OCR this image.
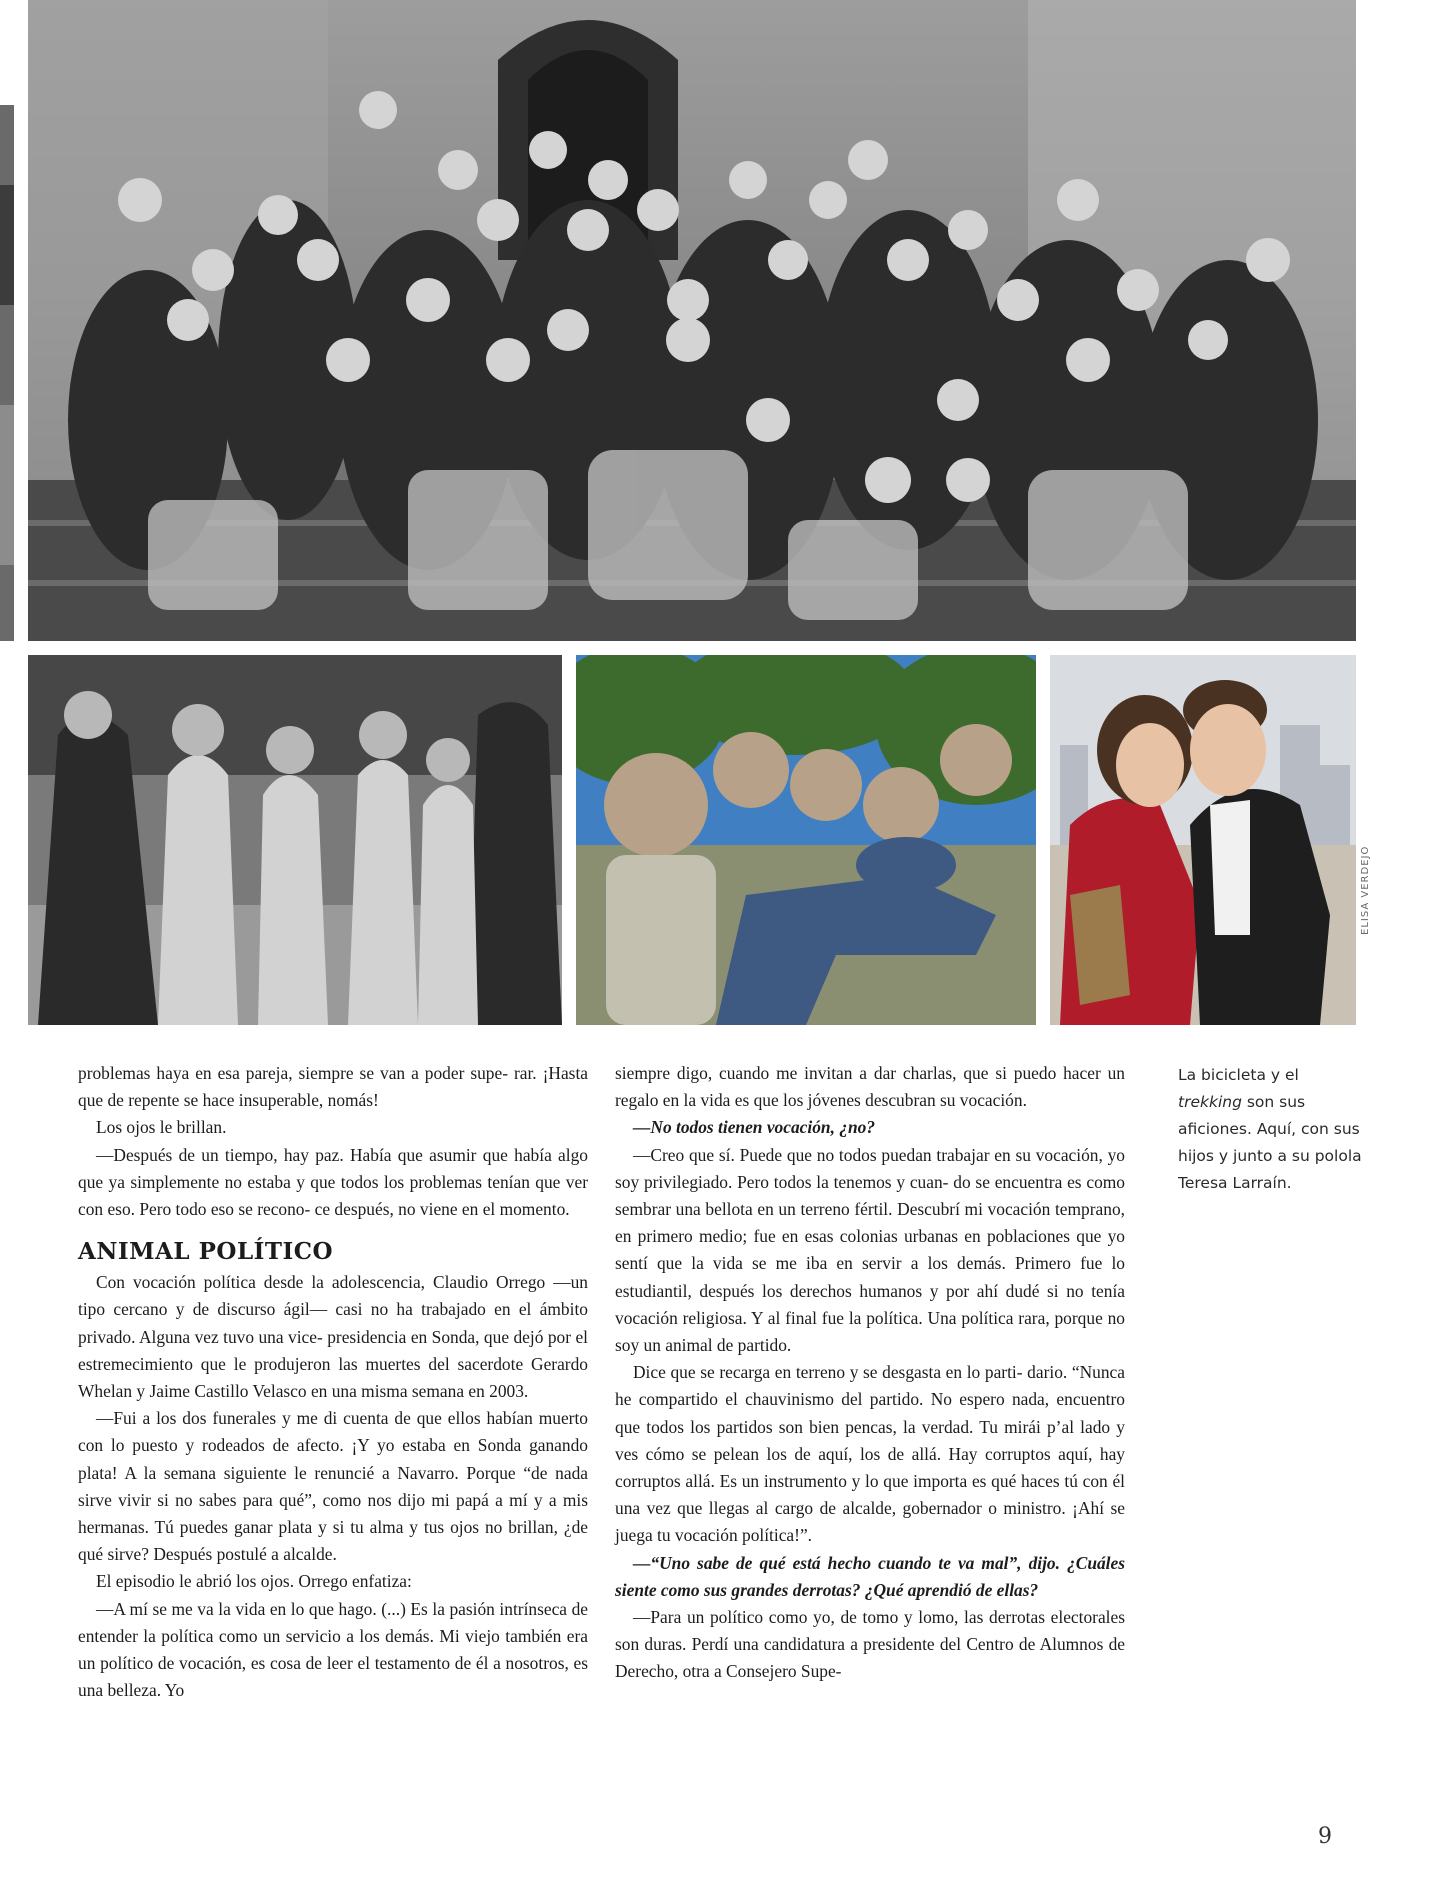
ELISA VERDEJO

problemas haya en esa pareja, siempre se van a poder supe- rar. ¡Hasta que de repente se hace insuperable, nomás!

Los ojos le brillan.

—Después de un tiempo, hay paz. Había que asumir que había algo que ya simplemente no estaba y que todos los problemas tenían que ver con eso. Pero todo eso se recono- ce después, no viene en el momento.

ANIMAL POLÍTICO

Con vocación política desde la adolescencia, Claudio Orrego —un tipo cercano y de discurso ágil— casi no ha trabajado en el ámbito privado. Alguna vez tuvo una vice- presidencia en Sonda, que dejó por el estremecimiento que le produjeron las muertes del sacerdote Gerardo Whelan y Jaime Castillo Velasco en una misma semana en 2003.

—Fui a los dos funerales y me di cuenta de que ellos habían muerto con lo puesto y rodeados de afecto. ¡Y yo estaba en Sonda ganando plata! A la semana siguiente le renuncié a Navarro. Porque “de nada sirve vivir si no sabes para qué”, como nos dijo mi papá a mí y a mis hermanas. Tú puedes ganar plata y si tu alma y tus ojos no brillan, ¿de qué sirve? Después postulé a alcalde.

El episodio le abrió los ojos. Orrego enfatiza:

—A mí se me va la vida en lo que hago. (...) Es la pasión intrínseca de entender la política como un servicio a los demás. Mi viejo también era un político de vocación, es cosa de leer el testamento de él a nosotros, es una belleza. Yo

siempre digo, cuando me invitan a dar charlas, que si puedo hacer un regalo en la vida es que los jóvenes descubran su vocación.

—No todos tienen vocación, ¿no?

—Creo que sí. Puede que no todos puedan trabajar en su vocación, yo soy privilegiado. Pero todos la tenemos y cuan- do se encuentra es como sembrar una bellota en un terreno fértil. Descubrí mi vocación temprano, en primero medio; fue en esas colonias urbanas en poblaciones que yo sentí que la vida se me iba en servir a los demás. Primero fue lo estudiantil, después los derechos humanos y por ahí dudé si no tenía vocación religiosa. Y al final fue la política. Una política rara, porque no soy un animal de partido.

Dice que se recarga en terreno y se desgasta en lo parti- dario. “Nunca he compartido el chauvinismo del partido. No espero nada, encuentro que todos los partidos son bien pencas, la verdad. Tu mirái p’al lado y ves cómo se pelean los de aquí, los de allá. Hay corruptos aquí, hay corruptos allá. Es un instrumento y lo que importa es qué haces tú con él una vez que llegas al cargo de alcalde, gobernador o ministro. ¡Ahí se juega tu vocación política!”.

—“Uno sabe de qué está hecho cuando te va mal”, dijo. ¿Cuáles siente como sus grandes derrotas? ¿Qué aprendió de ellas?

—Para un político como yo, de tomo y lomo, las derrotas electorales son duras. Perdí una candidatura a presidente del Centro de Alumnos de Derecho, otra a Consejero Supe-

La bicicleta y el trekking son sus aficiones. Aquí, con sus hijos y junto a su polola Teresa Larraín.
9
